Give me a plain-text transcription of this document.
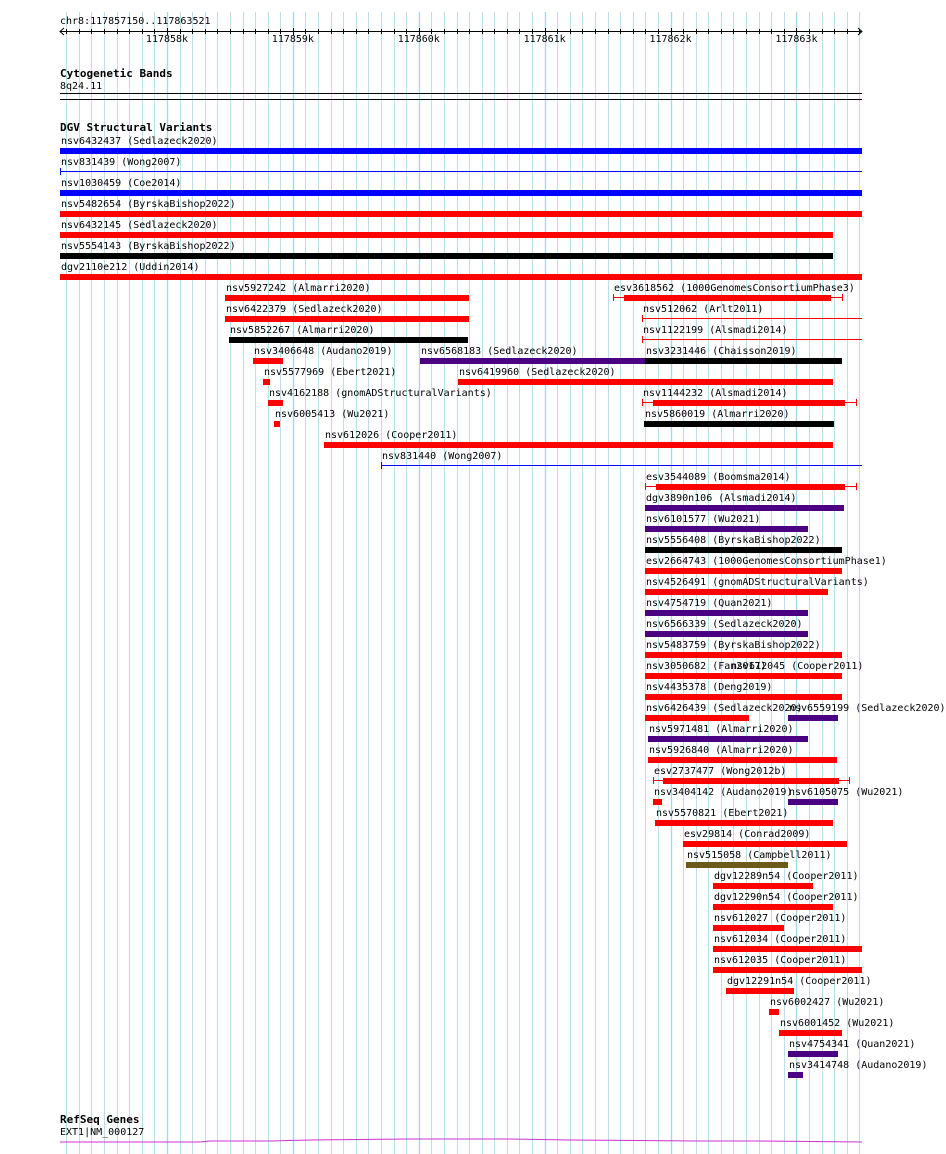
chr8:117857150..117863521
117858k	117859k	117860k	117861k	117862k	117863k
Cytogenetic Bands
8q24.11
DGV Structural Variants
nsv6432437 (Sedlazeck2020)
nsv831439 (Wong2007)
nsv1030459 (Coe2014)
nsv5482654 (ByrskaBishop2022)
nsv6432145 (Sedlazeck2020)
nsv5554143 (ByrskaBishop2022)
dgv2110e212 (Uddin2014)
nsv5927242 (Almarri2020)	esv3618562 (1000GenomesConsortiumPhase3)
nsv6422379 (Sedlazeck2020)	nsv512062 (Arlt2011)
nsv5852267 (Almarri2020)	nsv1122199 (Alsmadi2014)
nsv3406648 (Audano2019)	nsv6568183 (Sedlazeck2020)	nsv3231446 (Chaisson2019)
nsv5577969 (Ebert2021)	nsv6419960 (Sedlazeck2020)
nsv4162188 (gnomADStructuralVariants)	nsv1144232 (Alsmadi2014)
nsv6005413 (Wu2021)	nsv5860019 (Almarri2020)
nsv612026 (Cooper2011)
nsv831440 (Wong2007)
esv3544089 (Boomsma2014)
dgv3890n106 (Alsmadi2014)
nsv6101577 (Wu2021)
nsv5556408 (ByrskaBishop2022)
esv2664743 (1000GenomesConsortiumPhase1)
nsv4526491 (gnomADStructuralVariants)
nsv4754719 (Quan2021)
nsv6566339 (Sedlazeck2020)
nsv5483759 (ByrskaBishop2022)
nsv3050682 (Fan2017)
nsv612045 (Cooper2011)
nsv4435378 (Deng2019)
nsv6426439 (Sedlazeck2020)
nsv6559199 (Sedlazeck2020)
nsv5971481 (Almarri2020)
nsv5926840 (Almarri2020)
esv2737477 (Wong2012b)
nsv3404142 (Audano2019)
nsv6105075 (Wu2021)
nsv5570821 (Ebert2021)
esv29814 (Conrad2009)
nsv515058 (Campbell2011)
dgv12289n54 (Cooper2011)
dgv12290n54 (Cooper2011)
nsv612027 (Cooper2011)
nsv612034 (Cooper2011)
nsv612035 (Cooper2011)
dgv12291n54 (Cooper2011)
nsv6002427 (Wu2021)
nsv6001452 (Wu2021)
nsv4754341 (Quan2021)
nsv3414748 (Audano2019)
RefSeq Genes
EXT1|NM_000127
